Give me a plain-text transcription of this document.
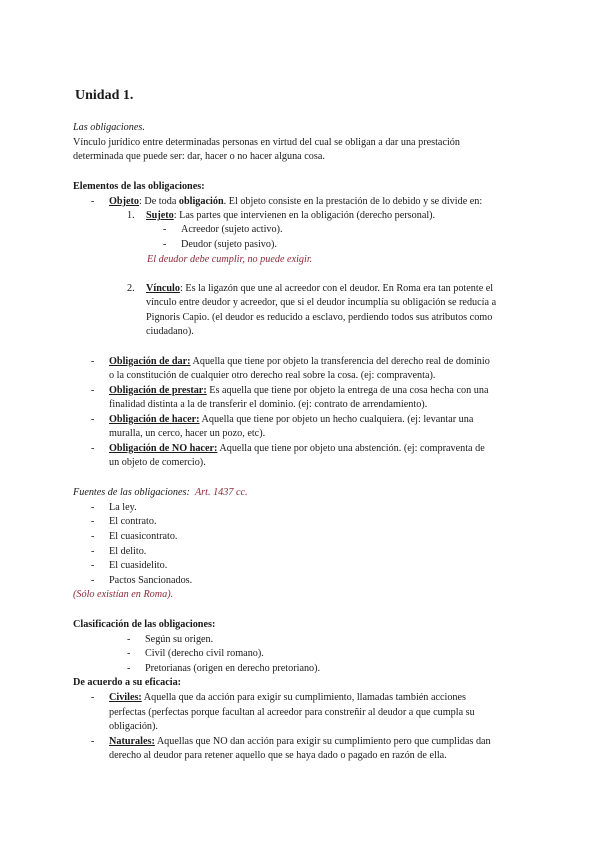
Unidad 1.
Las obligaciones.
Vínculo jurídico entre determinadas personas en virtud del cual se obligan a dar una prestación
determinada que puede ser: dar, hacer o no hacer alguna cosa.
Elementos de las obligaciones:
- Objeto: De toda obligación. El objeto consiste en la prestación de lo debido y se divide en:
1. Sujeto: Las partes que intervienen en la obligación (derecho personal).
- Acreedor (sujeto activo).
- Deudor (sujeto pasivo).
El deudor debe cumplir, no puede exigir.
2. Vínculo: Es la ligazón que une al acreedor con el deudor. En Roma era tan potente el
vínculo entre deudor y acreedor, que si el deudor incumplía su obligación se reducía a
Pignoris Capio. (el deudor es reducido a esclavo, perdiendo todos sus atributos como
ciudadano).
- Obligación de dar: Aquella que tiene por objeto la transferencia del derecho real de dominio
o la constitución de cualquier otro derecho real sobre la cosa. (ej: compraventa).
- Obligación de prestar: Es aquella que tiene por objeto la entrega de una cosa hecha con una
finalidad distinta a la de transferir el dominio. (ej: contrato de arrendamiento).
- Obligación de hacer: Aquella que tiene por objeto un hecho cualquiera. (ej: levantar una
muralla, un cerco, hacer un pozo, etc).
- Obligación de NO hacer: Aquella que tiene por objeto una abstención. (ej: compraventa de
un objeto de comercio).
Fuentes de las obligaciones: Art. 1437 cc.
- La ley.
- El contrato.
- El cuasicontrato.
- El delito.
- El cuasidelito.
- Pactos Sancionados.
(Sólo existían en Roma).
Clasificación de las obligaciones:
- Según su origen.
- Civil (derecho civil romano).
- Pretorianas (origen en derecho pretoriano).
De acuerdo a su eficacia:
- Civiles: Aquella que da acción para exigir su cumplimiento, llamadas también acciones
perfectas (perfectas porque facultan al acreedor para constreñir al deudor a que cumpla su
obligación).
- Naturales: Aquellas que NO dan acción para exigir su cumplimiento pero que cumplidas dan
derecho al deudor para retener aquello que se haya dado o pagado en razón de ella.
